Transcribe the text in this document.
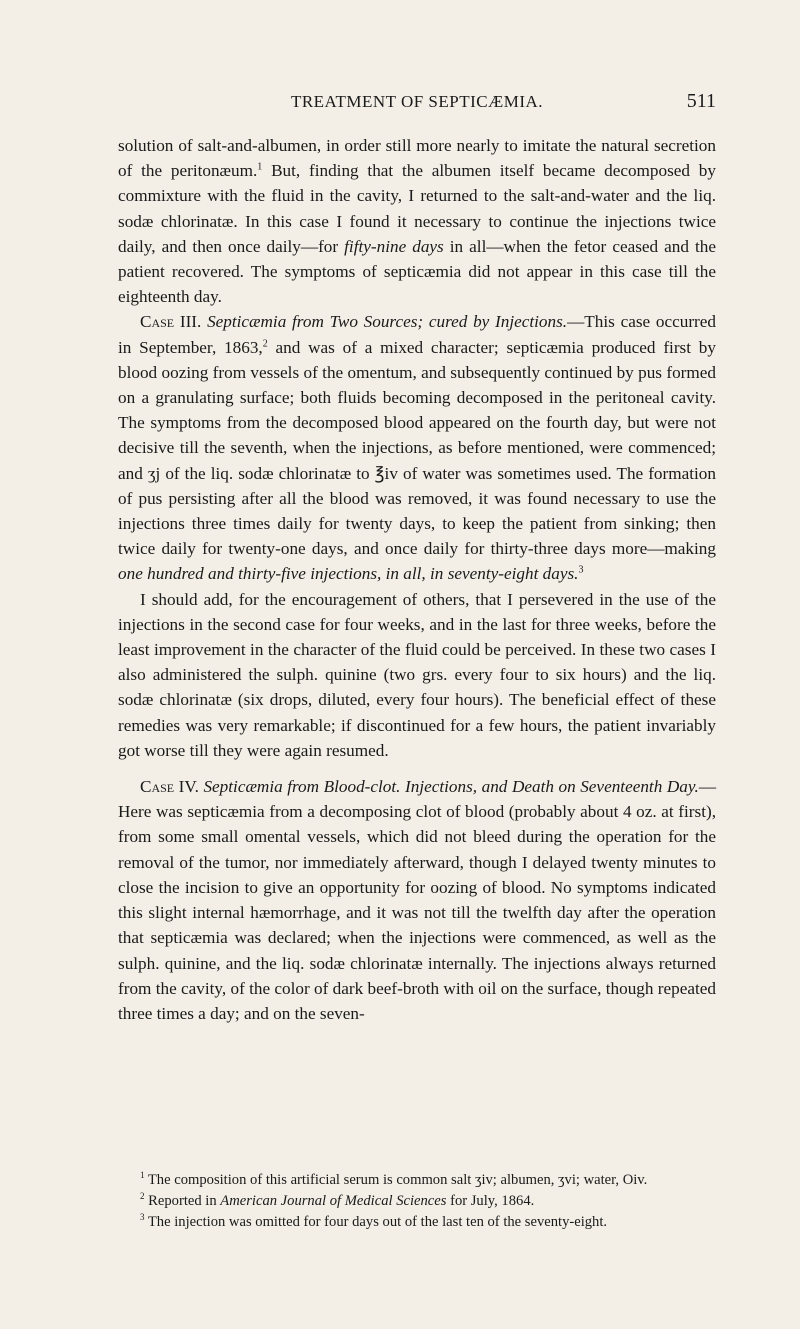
TREATMENT OF SEPTICÆMIA.	511

solution of salt-and-albumen, in order still more nearly to imitate the natural secretion of the peritonæum.$^1$ But, finding that the albumen itself became decomposed by commixture with the fluid in the cavity, I returned to the salt-and-water and the liq. sodæ chlorinatæ. In this case I found it necessary to continue the injections twice daily, and then once daily—for fifty-nine days in all—when the fetor ceased and the patient recovered. The symptoms of septicæmia did not appear in this case till the eighteenth day.

Case III. Septicæmia from Two Sources; cured by Injections.—This case occurred in September, 1863,$^2$ and was of a mixed character; septicæmia produced first by blood oozing from vessels of the omentum, and subsequently continued by pus formed on a granulating surface; both fluids becoming decomposed in the peritoneal cavity. The symptoms from the decomposed blood appeared on the fourth day, but were not decisive till the seventh, when the injections, as before mentioned, were commenced; and ʒj of the liq. sodæ chlorinatæ to ℥iv of water was sometimes used. The formation of pus persisting after all the blood was removed, it was found necessary to use the injections three times daily for twenty days, to keep the patient from sinking; then twice daily for twenty-one days, and once daily for thirty-three days more—making one hundred and thirty-five injections, in all, in seventy-eight days.$^3$

I should add, for the encouragement of others, that I persevered in the use of the injections in the second case for four weeks, and in the last for three weeks, before the least improvement in the character of the fluid could be perceived. In these two cases I also administered the sulph. quinine (two grs. every four to six hours) and the liq. sodæ chlorinatæ (six drops, diluted, every four hours). The beneficial effect of these remedies was very remarkable; if discontinued for a few hours, the patient invariably got worse till they were again resumed.

Case IV. Septicæmia from Blood-clot. Injections, and Death on Seventeenth Day.—Here was septicæmia from a decomposing clot of blood (probably about 4 oz. at first), from some small omental vessels, which did not bleed during the operation for the removal of the tumor, nor immediately afterward, though I delayed twenty minutes to close the incision to give an opportunity for oozing of blood. No symptoms indicated this slight internal hæmorrhage, and it was not till the twelfth day after the operation that septicæmia was declared; when the injections were commenced, as well as the sulph. quinine, and the liq. sodæ chlorinatæ internally. The injections always returned from the cavity, of the color of dark beef-broth with oil on the surface, though repeated three times a day; and on the seven-

$^1$ The composition of this artificial serum is common salt ʒiv; albumen, ʒvi; water, Oiv.

$^2$ Reported in American Journal of Medical Sciences for July, 1864.

$^3$ The injection was omitted for four days out of the last ten of the seventy-eight.
